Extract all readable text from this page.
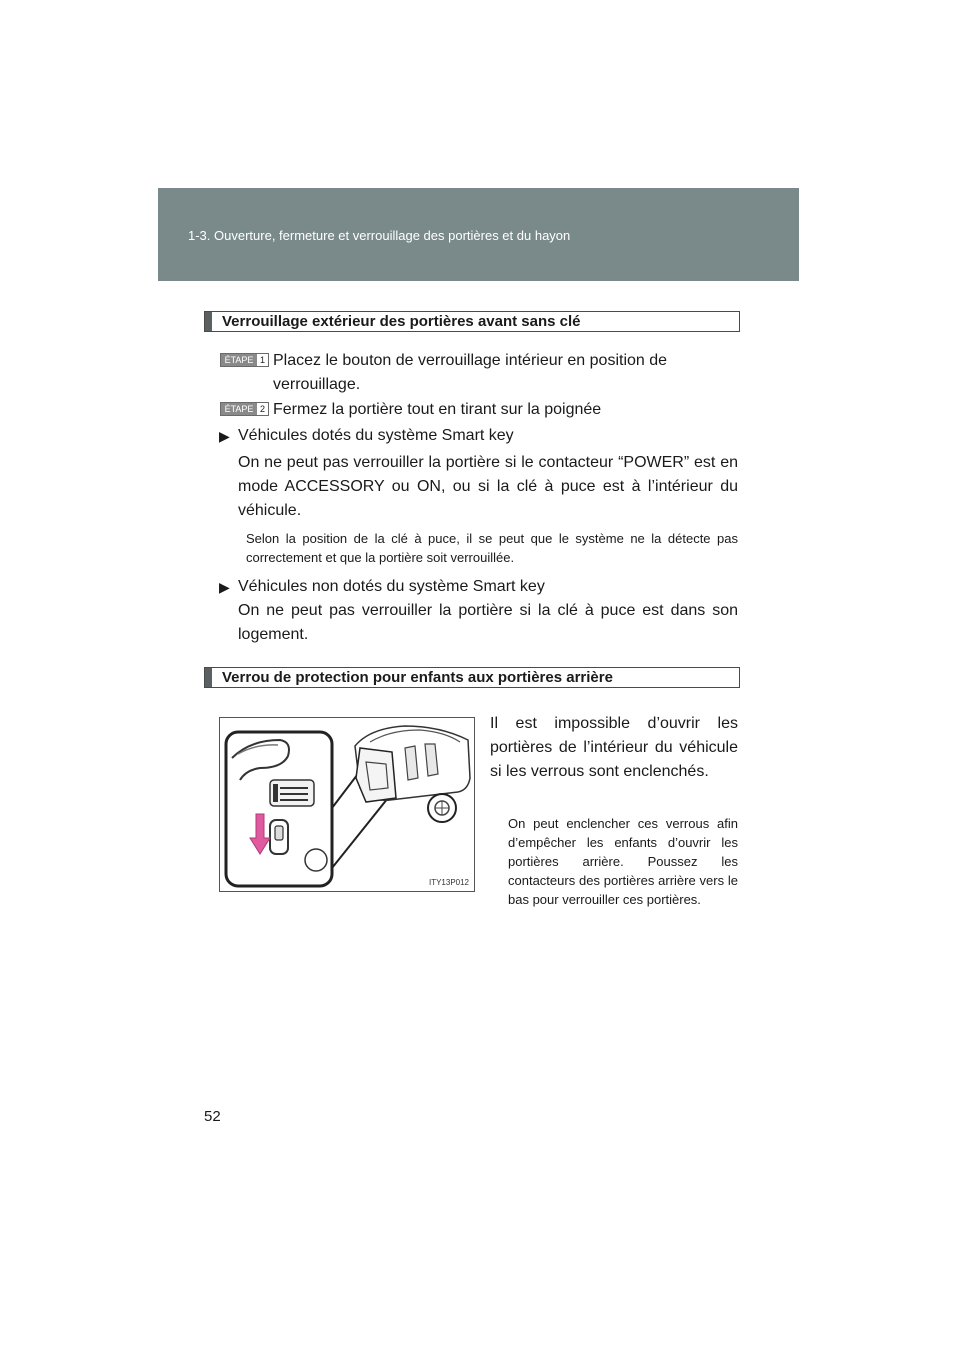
1-3. Ouverture, fermeture et verrouillage des portières et du hayon
Verrouillage extérieur des portières avant sans clé
ÉTAPE 1 Placez le bouton de verrouillage intérieur en position de
verrouillage.
ÉTAPE 2 Fermez la portière tout en tirant sur la poignée
▶ Véhicules dotés du système Smart key
On ne peut pas verrouiller la portière si le contacteur “POWER” est en mode ACCESSORY ou ON, ou si la clé à puce est à l’intérieur du véhicule.
Selon la position de la clé à puce, il se peut que le système ne la détecte pas correctement et que la portière soit verrouillée.
▶ Véhicules non dotés du système Smart key
On ne peut pas verrouiller la portière si la clé à puce est dans son logement.
Verrou de protection pour enfants aux portières arrière
ITY13P012
Il est impossible d’ouvrir les portières de l’intérieur du véhicule si les verrous sont enclenchés.
On peut enclencher ces verrous afin d’empêcher les enfants d’ouvrir les portières arrière. Poussez les contacteurs des portières arrière vers le bas pour verrouiller ces portières.
52
